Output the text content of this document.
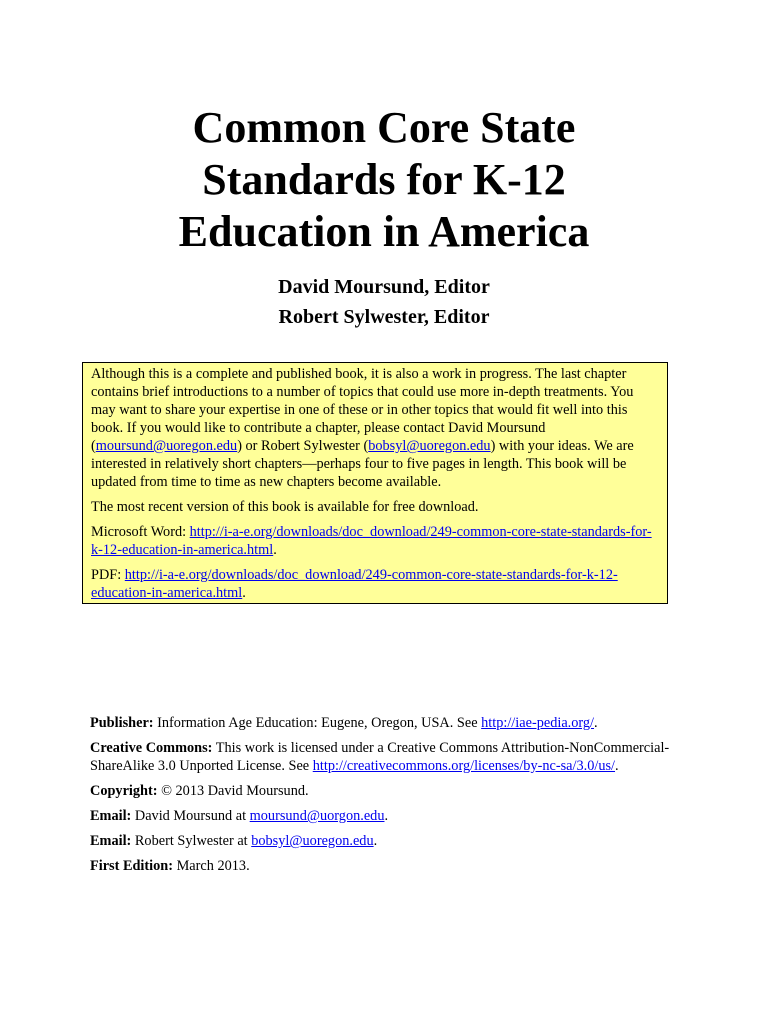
Common Core State
Standards for K-12
Education in America
David Moursund, Editor
Robert Sylwester, Editor

Although this is a complete and published book, it is also a work in progress. The last chapter contains brief introductions to a number of topics that could use more in-depth treatments. You may want to share your expertise in one of these or in other topics that would fit well into this book. If you would like to contribute a chapter, please contact David Moursund (moursund@uoregon.edu) or Robert Sylwester (bobsyl@uoregon.edu) with your ideas. We are interested in relatively short chapters—perhaps four to five pages in length. This book will be updated from time to time as new chapters become available.

The most recent version of this book is available for free download.

Microsoft Word: http://i-a-e.org/downloads/doc_download/249-common-core-state-standards-for-k-12-education-in-america.html.

PDF: http://i-a-e.org/downloads/doc_download/249-common-core-state-standards-for-k-12-education-in-america.html.

Publisher: Information Age Education: Eugene, Oregon, USA. See http://iae-pedia.org/.

Creative Commons: This work is licensed under a Creative Commons Attribution-NonCommercial-ShareAlike 3.0 Unported License. See http://creativecommons.org/licenses/by-nc-sa/3.0/us/.

Copyright: © 2013 David Moursund.

Email: David Moursund at moursund@uorgon.edu.

Email: Robert Sylwester at bobsyl@uoregon.edu.

First Edition: March 2013.
